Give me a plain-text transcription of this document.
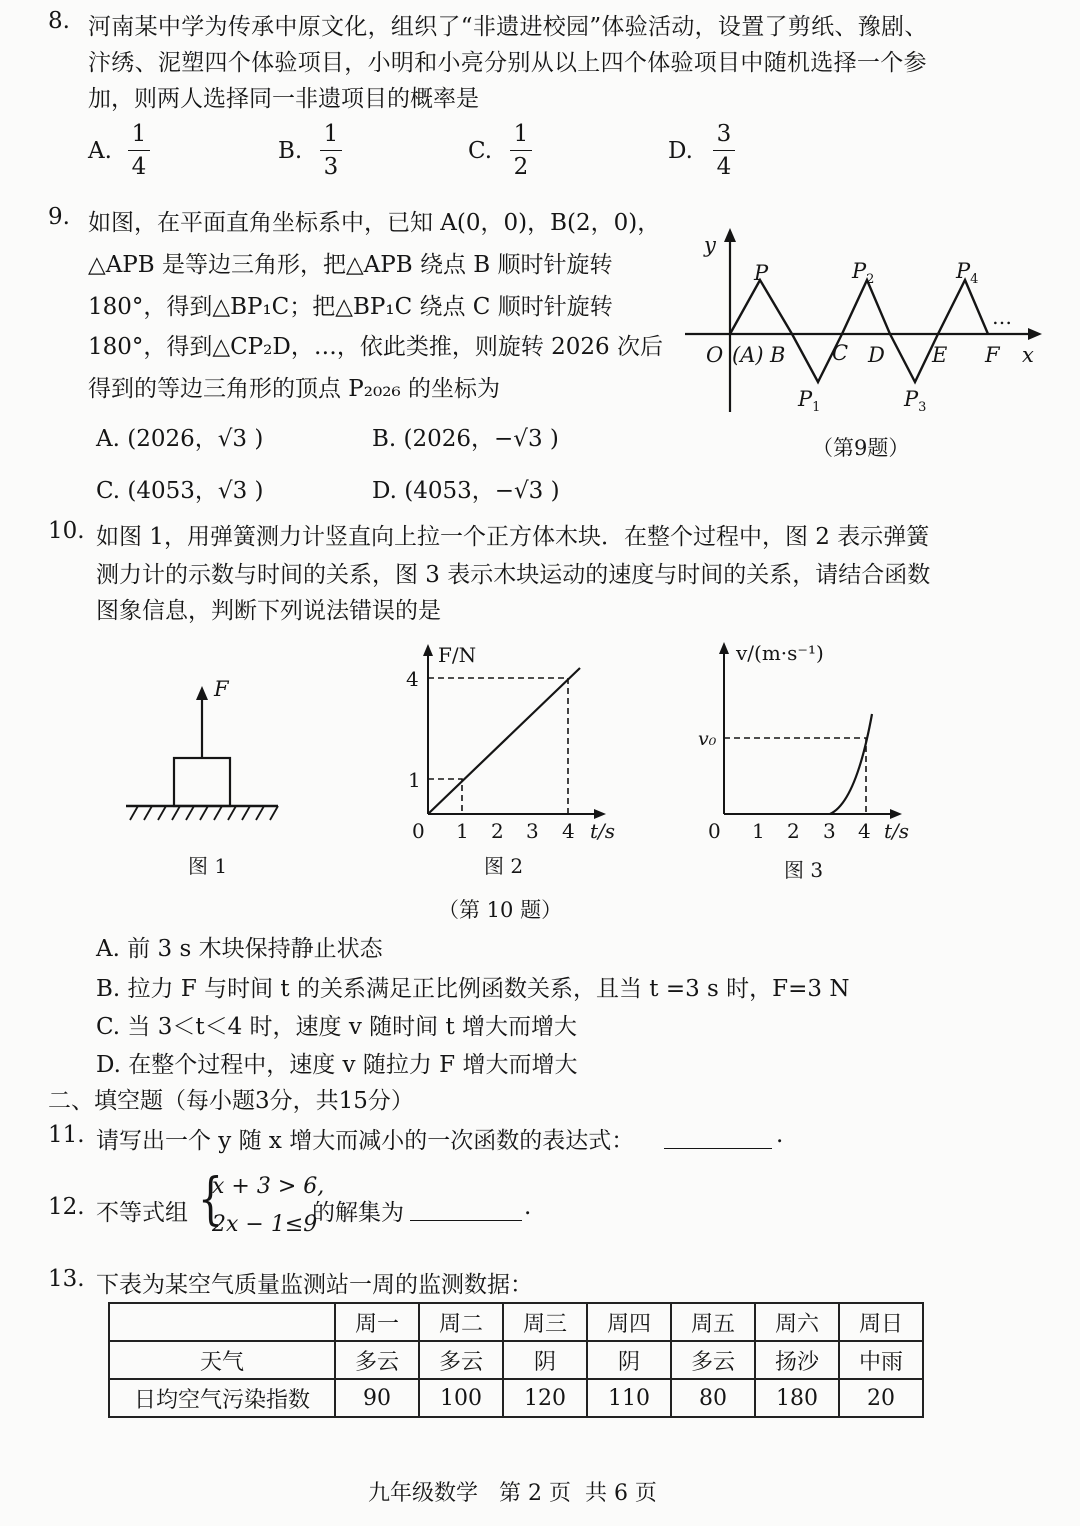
8. 河南某中学为传承中原文化，组织了“非遗进校园”体验活动，设置了剪纸、豫剧、
汴绣、泥塑四个体验项目，小明和小亮分别从以上四个体验项目中随机选择一个参
加，则两人选择同一非遗项目的概率是
A.
1
4
B.
1
3
C.
1
2
D.
3
4
9. 如图，在平面直角坐标系中，已知 A(0，0)，B(2，0)，
△APB 是等边三角形，把△APB 绕点 B 顺时针旋转
180°，得到△BP₁C；把△BP₁C 绕点 C 顺时针旋转
180°，得到△CP₂D，…，依此类推，则旋转 2026 次后
得到的等边三角形的顶点 P₂₀₂₆ 的坐标为
A. (2026，√3 )	B. (2026，−√3 )
C. (4053，√3 )	D. (4053，−√3 )
y
x
O (A) B C D E F
…
P
$P_1$
$P_2$
$P_3$
$P_4$
（第9题）
10. 如图 1，用弹簧测力计竖直向上拉一个正方体木块．在整个过程中，图 2 表示弹簧
测力计的示数与时间的关系，图 3 表示木块运动的速度与时间的关系，请结合函数
图象信息，判断下列说法错误的是
F
图 1
F/N
4
1
0 1 2 3 4 t/s
图 2
v/(m·s⁻¹)
v₀
0 1 2 3 4 t/s
图 3
（第 10 题）
A. 前 3 s 木块保持静止状态
B. 拉力 F 与时间 t 的关系满足正比例函数关系，且当 t =3 s 时，F=3 N
C. 当 3＜t＜4 时，速度 v 随时间 t 增大而增大
D. 在整个过程中，速度 v 随拉力 F 增大而增大
二、填空题（每小题3分，共15分）
11. 请写出一个 y 随 x 增大而减小的一次函数的表达式：	.
12. 不等式组 {
x + 3 > 6,
2x − 1≤9
的解集为	.
13. 下表为某空气质量监测站一周的监测数据：
	周一	周二	周三	周四	周五	周六	周日
天气	多云	多云	阴	阴	多云	扬沙	中雨
日均空气污染指数	90	100	120	110	80	180	20
九年级数学   第 2 页  共 6 页
